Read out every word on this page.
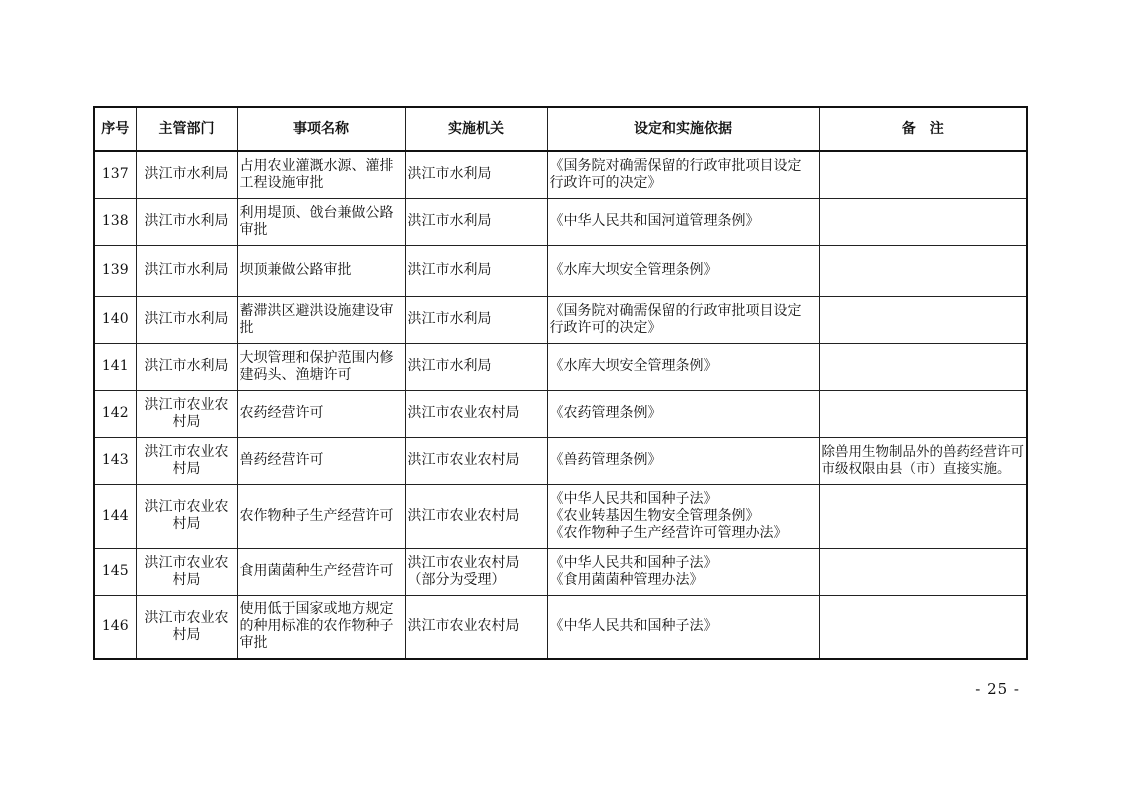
序号	主管部门	事项名称	实施机关	设定和实施依据	备　注
137	洪江市水利局	占用农业灌溉水源、灌排工程设施审批	洪江市水利局	《国务院对确需保留的行政审批项目设定
行政许可的决定》	

138	洪江市水利局	利用堤顶、戗台兼做公路审批	洪江市水利局	《中华人民共和国河道管理条例》	

139	洪江市水利局	坝顶兼做公路审批	洪江市水利局	《水库大坝安全管理条例》	

140	洪江市水利局	蓄滞洪区避洪设施建设审批	洪江市水利局	《国务院对确需保留的行政审批项目设定
行政许可的决定》	

141	洪江市水利局	大坝管理和保护范围内修建码头、渔塘许可	洪江市水利局	《水库大坝安全管理条例》	

142	洪江市农业农村局	农药经营许可	洪江市农业农村局	《农药管理条例》	

143	洪江市农业农村局	兽药经营许可	洪江市农业农村局	《兽药管理条例》	除兽用生物制品外的兽药经营许可市级权限由县（市）直接实施。
144	洪江市农业农村局	农作物种子生产经营许可	洪江市农业农村局	《中华人民共和国种子法》
《农业转基因生物安全管理条例》
《农作物种子生产经营许可管理办法》	

145	洪江市农业农村局	食用菌菌种生产经营许可	洪江市农业农村局（部分为受理）	《中华人民共和国种子法》
《食用菌菌种管理办法》	

146	洪江市农业农村局	使用低于国家或地方规定的种用标准的农作物种子审批	洪江市农业农村局	《中华人民共和国种子法》	

- 25 -
